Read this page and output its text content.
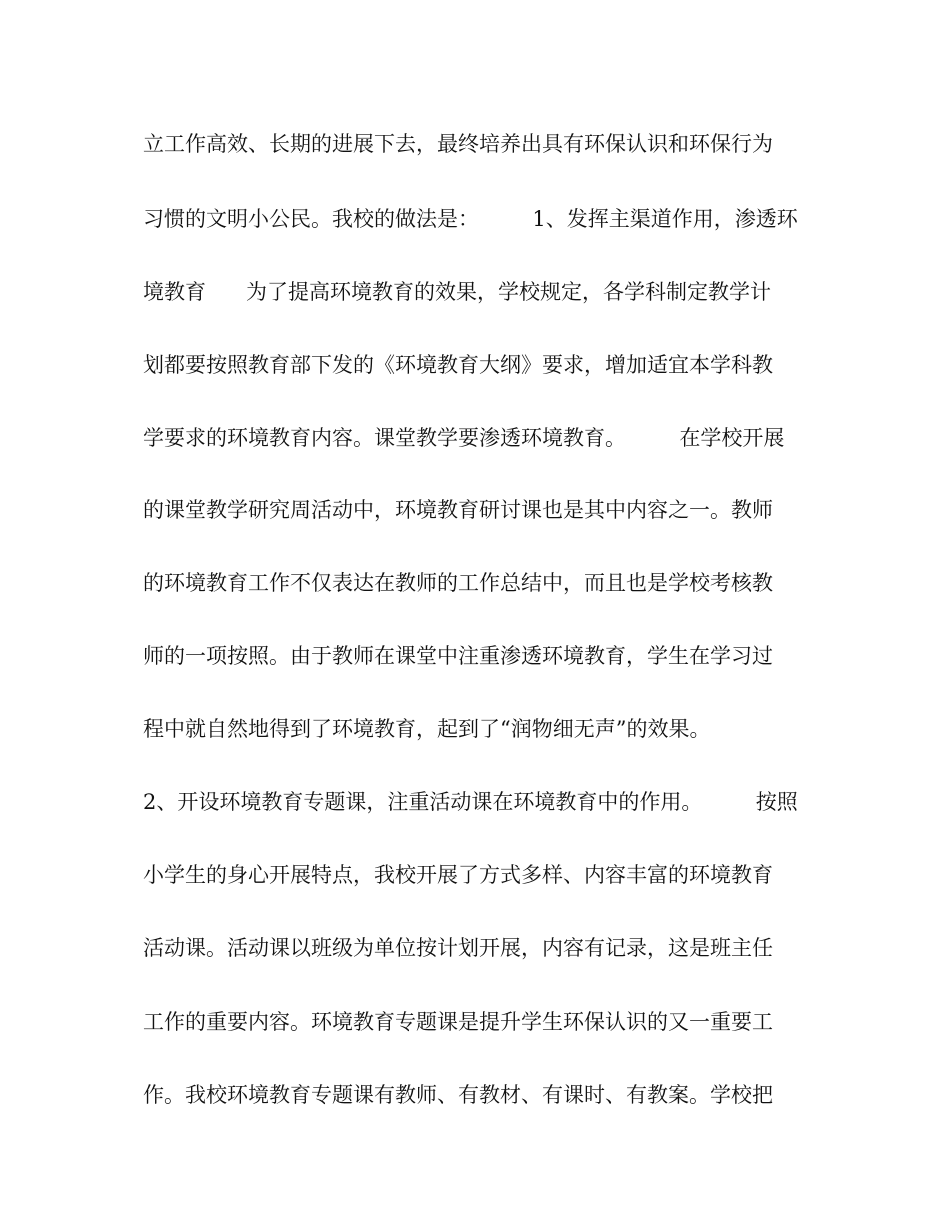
立工作高效、长期的进展下去，最终培养出具有环保认识和环保行为
习惯的文明小公民。我校的做法是：        1、发挥主渠道作用，渗透环
境教育      为了提高环境教育的效果，学校规定，各学科制定教学计
划都要按照教育部下发的《环境教育大纲》要求，增加适宜本学科教
学要求的环境教育内容。课堂教学要渗透环境教育。        在学校开展
的课堂教学研究周活动中，环境教育研讨课也是其中内容之一。教师
的环境教育工作不仅表达在教师的工作总结中，而且也是学校考核教
师的一项按照。由于教师在课堂中注重渗透环境教育，学生在学习过
程中就自然地得到了环境教育，起到了“润物细无声”的效果。
2、开设环境教育专题课，注重活动课在环境教育中的作用。        按照
小学生的身心开展特点，我校开展了方式多样、内容丰富的环境教育
活动课。活动课以班级为单位按计划开展，内容有记录，这是班主任
工作的重要内容。环境教育专题课是提升学生环保认识的又一重要工
作。我校环境教育专题课有教师、有教材、有课时、有教案。学校把
